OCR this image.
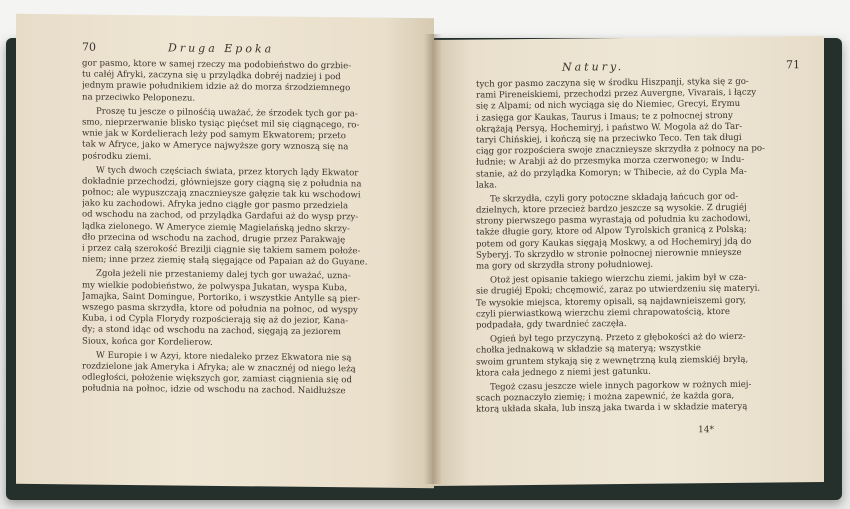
70	Druga Epoka
gor pasmo, ktore w samej rzeczy ma podobieństwo do grzbie-
tu całéj Afryki, zaczyna się u przylądka dobréj nadziej i pod
jednym prawie południkiem idzie aż do morza śrzodziemnego
na przeciwko Peloponezu.
Proszę tu jescze o pilnośćią uważać, że śrzodek tych gor pa-
smo, nieprzerwanie blisko tysiąc pięćset mil się ciągnącego, ro-
wnie jak w Kordelierach leży pod samym Ekwatorem; przeto
tak w Afryce, jako w Ameryce najwyższe gory wznoszą się na
pośrodku ziemi.
W tych dwoch częściach świata, przez ktorych lądy Ekwator
dokładnie przechodzi, główniejsze gory ciągną się z południa na
połnoc; ale wypuszczają znacznieysze gałęzie tak ku wschodowi
jako ku zachodowi. Afryka jedno ciągłe gor pasmo przedziela
od wschodu na zachod, od przylądka Gardafui aż do wysp przy-
lądka zielonego. W Ameryce ziemię Magielańską jedno skrzy-
dło przecina od wschodu na zachod, drugie przez Parakwaję
i przez całą szerokość Brezilji ciągnie się takiem samem położe-
niem; inne przez ziemię stałą sięgające od Papaian aż do Guyane.
Zgoła jeżeli nie przestaniemy dalej tych gor uważać, uzna-
my wielkie podobieństwo, że polwyspa Jukatan, wyspa Kuba,
Jamajka, Saint Domingue, Portoriko, i wszystkie Antylle są pier-
wszego pasma skrzydła, ktore od południa na połnoc, od wyspy
Kuba, i od Cypla Florydy rozpościerają się aż do jezior, Kana-
dy; a stond idąc od wschodu na zachod, sięgają za jeziorem
Sioux, końca gor Kordelierow.
W Europie i w Azyi, ktore niedaleko przez Ekwatora nie są
rozdzielone jak Ameryka i Afryka; ale w znacznéj od niego leżą
odległości, położenie większych gor, zamiast ciągnienia się od
południa na połnoc, idzie od wschodu na zachod. Naidłuższe
Natury.	71
tych gor pasmo zaczyna się w środku Hiszpanji, styka się z go-
rami Pireneiskiemi, przechodzi przez Auvergne, Vivarais, i łączy
się z Alpami; od nich wyciąga się do Niemiec, Grecyi, Erymu
i zasięga gor Kaukas, Taurus i Imaus; te z połnocnej strony
okrążają Persyą, Hochemiryj, i państwo W. Mogola aż do Tar-
taryi Chińskiej, i kończą się na przeciwko Teco. Ten tak długi
ciąg gor rozpościera swoje znacznieysze skrzydła z połnocy na po-
łudnie; w Arabji aż do przesmyka morza czerwonego; w Indu-
stanie, aż do przylądka Komoryn; w Thibecie, aż do Cypla Ma-
laka.
Te skrzydła, czyli gory potoczne składają łańcuch gor od-
dzielnych, ktore przecież bardzo jeszcze są wysokie. Z drugiéj
strony pierwszego pasma wyrastają od południa ku zachodowi,
także długie gory, ktore od Alpow Tyrolskich granicą z Polską;
potem od gory Kaukas sięgają Moskwy, a od Hochemiryj jdą do
Syberyj. To skrzydło w stronie połnocnej nierownie mnieysze
ma gory od skrzydła strony południowej.
Otoż jest opisanie takiego wierzchu ziemi, jakim był w cza-
sie drugiéj Epoki; chcęmowić, zaraz po utwierdzeniu się materyi.
Te wysokie miejsca, ktoremy opisali, są najdawnieiszemi gory,
czyli pierwiastkową wierzchu ziemi chrapowatością, ktore
podpadała, gdy twardnieć zaczęła.
Ogień był tego przyczyną. Przeto z głębokości aż do wierz-
chołka jednakową w składzie są materyą; wszystkie
swoim gruntem stykają się z wewnętrzną kulą ziemskiéj bryłą,
ktora cała jednego z niemi jest gatunku.
Tegoż czasu jeszcze wiele innych pagorkow w rożnych miej-
scach poznaczyło ziemię; i można zapewnić, że każda gora,
ktorą układa skała, lub inszą jaka twarda i w składzie materyą
14*
